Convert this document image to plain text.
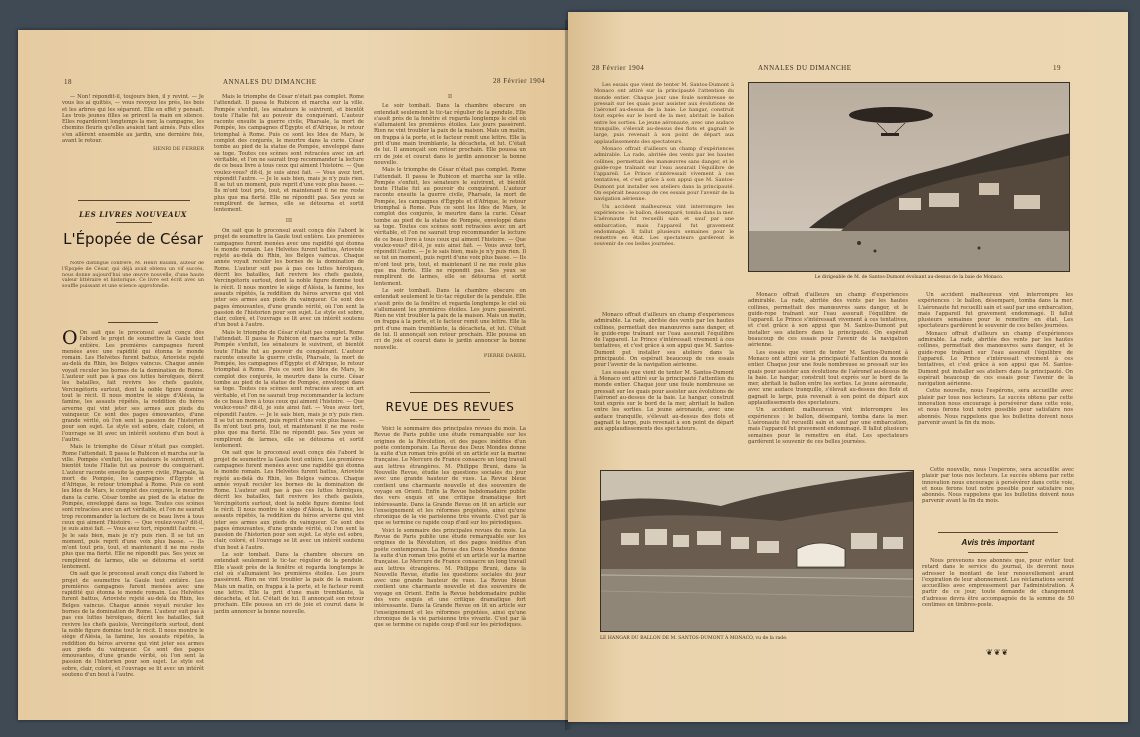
18	ANNALES DU DIMANCHE	28 Février 1904

— Non! répondit-il, toujours bien, il y revint. — Je vous les ai quittés, — vous revoyez les prés, les bois et les arbres qui les séparent. Elle en effet y pensait. Les trois jeunes filles se prirent la main en silence. Elles regardèrent longtemps la mer, la campagne, les chemins fleuris qu'elles avaient tant aimés. Puis elles s'en allèrent ensemble au jardin, une dernière fois, avant le retour.

HENRI DE FERRER
LES LIVRES NOUVEAUX
L'Épopée de César

Notre distingué confrère, M. Henri Baudin, auteur de l'Épopée de César, qui déjà avait obtenu un vif succès, nous donne aujourd'hui une œuvre nouvelle, d'une haute valeur littéraire et historique. Ce livre est écrit avec un souffle puissant et une science approfondie.

O On sait que le proconsul avait conçu dès l'abord le projet de soumettre la Gaule tout entière. Les premières campagnes furent menées avec une rapidité qui étonna le monde romain. Les Helvètes furent battus, Arioviste rejeté au-delà du Rhin, les Belges vaincus. Chaque année voyait reculer les bornes de la domination de Rome. L'auteur suit pas à pas ces luttes héroïques, décrit les batailles, fait revivre les chefs gaulois, Vercingétorix surtout, dont la noble figure domine tout le récit. Il nous montre le siège d'Alésia, la famine, les assauts répétés, la reddition du héros arverne qui vint jeter ses armes aux pieds du vainqueur. Ce sont des pages émouvantes, d'une grande vérité, où l'on sent la passion de l'historien pour son sujet. Le style est sobre, clair, coloré, et l'ouvrage se lit avec un intérêt soutenu d'un bout à l'autre.

Mais le triomphe de César n'était pas complet. Rome l'attendait. Il passa le Rubicon et marcha sur la ville. Pompée s'enfuit, les sénateurs le suivirent, et bientôt toute l'Italie fut au pouvoir du conquérant. L'auteur raconte ensuite la guerre civile, Pharsale, la mort de Pompée, les campagnes d'Égypte et d'Afrique, le retour triomphal à Rome. Puis ce sont les Ides de Mars, le complot des conjurés, le meurtre dans la curie. César tombe au pied de la statue de Pompée, enveloppé dans sa toge. Toutes ces scènes sont retracées avec un art véritable, et l'on ne saurait trop recommander la lecture de ce beau livre à tous ceux qui aiment l'histoire. — Que voulez-vous? dit-il, je suis ainsi fait. — Vous avez tort, répondit l'autre. — Je le sais bien, mais je n'y puis rien. Il se tut un moment, puis reprit d'une voix plus basse. — Ils m'ont tout pris, tout, et maintenant il ne me reste plus que ma fierté. Elle ne répondit pas. Ses yeux se remplirent de larmes, elle se détourna et sortit lentement.

On sait que le proconsul avait conçu dès l'abord le projet de soumettre la Gaule tout entière. Les premières campagnes furent menées avec une rapidité qui étonna le monde romain. Les Helvètes furent battus, Arioviste rejeté au-delà du Rhin, les Belges vaincus. Chaque année voyait reculer les bornes de la domination de Rome. L'auteur suit pas à pas ces luttes héroïques, décrit les batailles, fait revivre les chefs gaulois, Vercingétorix surtout, dont la noble figure domine tout le récit. Il nous montre le siège d'Alésia, la famine, les assauts répétés, la reddition du héros arverne qui vint jeter ses armes aux pieds du vainqueur. Ce sont des pages émouvantes, d'une grande vérité, où l'on sent la passion de l'historien pour son sujet. Le style est sobre, clair, coloré, et l'ouvrage se lit avec un intérêt soutenu d'un bout à l'autre.

Mais le triomphe de César n'était pas complet. Rome l'attendait. Il passa le Rubicon et marcha sur la ville. Pompée s'enfuit, les sénateurs le suivirent, et bientôt toute l'Italie fut au pouvoir du conquérant. L'auteur raconte ensuite la guerre civile, Pharsale, la mort de Pompée, les campagnes d'Égypte et d'Afrique, le retour triomphal à Rome. Puis ce sont les Ides de Mars, le complot des conjurés, le meurtre dans la curie. César tombe au pied de la statue de Pompée, enveloppé dans sa toge. Toutes ces scènes sont retracées avec un art véritable, et l'on ne saurait trop recommander la lecture de ce beau livre à tous ceux qui aiment l'histoire. — Que voulez-vous? dit-il, je suis ainsi fait. — Vous avez tort, répondit l'autre. — Je le sais bien, mais je n'y puis rien. Il se tut un moment, puis reprit d'une voix plus basse. — Ils m'ont tout pris, tout, et maintenant il ne me reste plus que ma fierté. Elle ne répondit pas. Ses yeux se remplirent de larmes, elle se détourna et sortit lentement.

III

On sait que le proconsul avait conçu dès l'abord le projet de soumettre la Gaule tout entière. Les premières campagnes furent menées avec une rapidité qui étonna le monde romain. Les Helvètes furent battus, Arioviste rejeté au-delà du Rhin, les Belges vaincus. Chaque année voyait reculer les bornes de la domination de Rome. L'auteur suit pas à pas ces luttes héroïques, décrit les batailles, fait revivre les chefs gaulois, Vercingétorix surtout, dont la noble figure domine tout le récit. Il nous montre le siège d'Alésia, la famine, les assauts répétés, la reddition du héros arverne qui vint jeter ses armes aux pieds du vainqueur. Ce sont des pages émouvantes, d'une grande vérité, où l'on sent la passion de l'historien pour son sujet. Le style est sobre, clair, coloré, et l'ouvrage se lit avec un intérêt soutenu d'un bout à l'autre.

Mais le triomphe de César n'était pas complet. Rome l'attendait. Il passa le Rubicon et marcha sur la ville. Pompée s'enfuit, les sénateurs le suivirent, et bientôt toute l'Italie fut au pouvoir du conquérant. L'auteur raconte ensuite la guerre civile, Pharsale, la mort de Pompée, les campagnes d'Égypte et d'Afrique, le retour triomphal à Rome. Puis ce sont les Ides de Mars, le complot des conjurés, le meurtre dans la curie. César tombe au pied de la statue de Pompée, enveloppé dans sa toge. Toutes ces scènes sont retracées avec un art véritable, et l'on ne saurait trop recommander la lecture de ce beau livre à tous ceux qui aiment l'histoire. — Que voulez-vous? dit-il, je suis ainsi fait. — Vous avez tort, répondit l'autre. — Je le sais bien, mais je n'y puis rien. Il se tut un moment, puis reprit d'une voix plus basse. — Ils m'ont tout pris, tout, et maintenant il ne me reste plus que ma fierté. Elle ne répondit pas. Ses yeux se remplirent de larmes, elle se détourna et sortit lentement.

On sait que le proconsul avait conçu dès l'abord le projet de soumettre la Gaule tout entière. Les premières campagnes furent menées avec une rapidité qui étonna le monde romain. Les Helvètes furent battus, Arioviste rejeté au-delà du Rhin, les Belges vaincus. Chaque année voyait reculer les bornes de la domination de Rome. L'auteur suit pas à pas ces luttes héroïques, décrit les batailles, fait revivre les chefs gaulois, Vercingétorix surtout, dont la noble figure domine tout le récit. Il nous montre le siège d'Alésia, la famine, les assauts répétés, la reddition du héros arverne qui vint jeter ses armes aux pieds du vainqueur. Ce sont des pages émouvantes, d'une grande vérité, où l'on sent la passion de l'historien pour son sujet. Le style est sobre, clair, coloré, et l'ouvrage se lit avec un intérêt soutenu d'un bout à l'autre.

Le soir tombait. Dans la chambre obscure on entendait seulement le tic-tac régulier de la pendule. Elle s'assit près de la fenêtre et regarda longtemps le ciel où s'allumaient les premières étoiles. Les jours passèrent. Rien ne vint troubler la paix de la maison. Mais un matin, on frappa à la porte, et le facteur remit une lettre. Elle la prit d'une main tremblante, la décacheta, et lut. C'était de lui. Il annonçait son retour prochain. Elle poussa un cri de joie et courut dans le jardin annoncer la bonne nouvelle.

II

Le soir tombait. Dans la chambre obscure on entendait seulement le tic-tac régulier de la pendule. Elle s'assit près de la fenêtre et regarda longtemps le ciel où s'allumaient les premières étoiles. Les jours passèrent. Rien ne vint troubler la paix de la maison. Mais un matin, on frappa à la porte, et le facteur remit une lettre. Elle la prit d'une main tremblante, la décacheta, et lut. C'était de lui. Il annonçait son retour prochain. Elle poussa un cri de joie et courut dans le jardin annoncer la bonne nouvelle.

Mais le triomphe de César n'était pas complet. Rome l'attendait. Il passa le Rubicon et marcha sur la ville. Pompée s'enfuit, les sénateurs le suivirent, et bientôt toute l'Italie fut au pouvoir du conquérant. L'auteur raconte ensuite la guerre civile, Pharsale, la mort de Pompée, les campagnes d'Égypte et d'Afrique, le retour triomphal à Rome. Puis ce sont les Ides de Mars, le complot des conjurés, le meurtre dans la curie. César tombe au pied de la statue de Pompée, enveloppé dans sa toge. Toutes ces scènes sont retracées avec un art véritable, et l'on ne saurait trop recommander la lecture de ce beau livre à tous ceux qui aiment l'histoire. — Que voulez-vous? dit-il, je suis ainsi fait. — Vous avez tort, répondit l'autre. — Je le sais bien, mais je n'y puis rien. Il se tut un moment, puis reprit d'une voix plus basse. — Ils m'ont tout pris, tout, et maintenant il ne me reste plus que ma fierté. Elle ne répondit pas. Ses yeux se remplirent de larmes, elle se détourna et sortit lentement.

Le soir tombait. Dans la chambre obscure on entendait seulement le tic-tac régulier de la pendule. Elle s'assit près de la fenêtre et regarda longtemps le ciel où s'allumaient les premières étoiles. Les jours passèrent. Rien ne vint troubler la paix de la maison. Mais un matin, on frappa à la porte, et le facteur remit une lettre. Elle la prit d'une main tremblante, la décacheta, et lut. C'était de lui. Il annonçait son retour prochain. Elle poussa un cri de joie et courut dans le jardin annoncer la bonne nouvelle.

PIERRE DARIEL
REVUE DES REVUES

Voici le sommaire des principales revues du mois. La Revue de Paris publie une étude remarquable sur les origines de la Révolution, et des pages inédites d'un poète contemporain. La Revue des Deux Mondes donne la suite d'un roman très goûté et un article sur la marine française. Le Mercure de France consacre un long travail aux lettres étrangères. M. Philippe Bruni, dans la Nouvelle Revue, étudie les questions sociales du jour avec une grande hauteur de vues. La Revue bleue contient une charmante nouvelle et des souvenirs de voyage en Orient. Enfin la Revue hebdomadaire publie des vers exquis et une critique dramatique fort intéressante. Dans la Grande Revue on lit un article sur l'enseignement et les réformes projetées, ainsi qu'une chronique de la vie parisienne très vivante. C'est par là que se termine ce rapide coup d'œil sur les périodiques.

Voici le sommaire des principales revues du mois. La Revue de Paris publie une étude remarquable sur les origines de la Révolution, et des pages inédites d'un poète contemporain. La Revue des Deux Mondes donne la suite d'un roman très goûté et un article sur la marine française. Le Mercure de France consacre un long travail aux lettres étrangères. M. Philippe Bruni, dans la Nouvelle Revue, étudie les questions sociales du jour avec une grande hauteur de vues. La Revue bleue contient une charmante nouvelle et des souvenirs de voyage en Orient. Enfin la Revue hebdomadaire publie des vers exquis et une critique dramatique fort intéressante. Dans la Grande Revue on lit un article sur l'enseignement et les réformes projetées, ainsi qu'une chronique de la vie parisienne très vivante. C'est par là que se termine ce rapide coup d'œil sur les périodiques.

28 Février 1904	ANNALES DU DIMANCHE	19

Les essais que vient de tenter M. Santos-Dumont à Monaco ont attiré sur la principauté l'attention du monde entier. Chaque jour une foule nombreuse se pressait sur les quais pour assister aux évolutions de l'aéronef au-dessus de la baie. Le hangar, construit tout exprès sur le bord de la mer, abritait le ballon entre les sorties. Le jeune aéronaute, avec une audace tranquille, s'élevait au-dessus des flots et gagnait le large, puis revenait à son point de départ aux applaudissements des spectateurs.

Monaco offrait d'ailleurs un champ d'expériences admirable. La rade, abritée des vents par les hautes collines, permettait des manœuvres sans danger, et le guide-rope traînant sur l'eau assurait l'équilibre de l'appareil. Le Prince s'intéressait vivement à ces tentatives, et c'est grâce à son appui que M. Santos-Dumont put installer ses ateliers dans la principauté. On espérait beaucoup de ces essais pour l'avenir de la navigation aérienne.

Un accident malheureux vint interrompre les expériences : le ballon, désemparé, tomba dans la mer. L'aéronaute fut recueilli sain et sauf par une embarcation, mais l'appareil fut gravement endommagé. Il fallut plusieurs semaines pour le remettre en état. Les spectateurs gardèrent le souvenir de ces belles journées.

Le dirigeable de M. de Santos-Dumont évoluant au-dessus de la baie de Monaco.

Monaco offrait d'ailleurs un champ d'expériences admirable. La rade, abritée des vents par les hautes collines, permettait des manœuvres sans danger, et le guide-rope traînant sur l'eau assurait l'équilibre de l'appareil. Le Prince s'intéressait vivement à ces tentatives, et c'est grâce à son appui que M. Santos-Dumont put installer ses ateliers dans la principauté. On espérait beaucoup de ces essais pour l'avenir de la navigation aérienne.

Les essais que vient de tenter M. Santos-Dumont à Monaco ont attiré sur la principauté l'attention du monde entier. Chaque jour une foule nombreuse se pressait sur les quais pour assister aux évolutions de l'aéronef au-dessus de la baie. Le hangar, construit tout exprès sur le bord de la mer, abritait le ballon entre les sorties. Le jeune aéronaute, avec une audace tranquille, s'élevait au-dessus des flots et gagnait le large, puis revenait à son point de départ aux applaudissements des spectateurs.

Monaco offrait d'ailleurs un champ d'expériences admirable. La rade, abritée des vents par les hautes collines, permettait des manœuvres sans danger, et le guide-rope traînant sur l'eau assurait l'équilibre de l'appareil. Le Prince s'intéressait vivement à ces tentatives, et c'est grâce à son appui que M. Santos-Dumont put installer ses ateliers dans la principauté. On espérait beaucoup de ces essais pour l'avenir de la navigation aérienne.

Les essais que vient de tenter M. Santos-Dumont à Monaco ont attiré sur la principauté l'attention du monde entier. Chaque jour une foule nombreuse se pressait sur les quais pour assister aux évolutions de l'aéronef au-dessus de la baie. Le hangar, construit tout exprès sur le bord de la mer, abritait le ballon entre les sorties. Le jeune aéronaute, avec une audace tranquille, s'élevait au-dessus des flots et gagnait le large, puis revenait à son point de départ aux applaudissements des spectateurs.

Un accident malheureux vint interrompre les expériences : le ballon, désemparé, tomba dans la mer. L'aéronaute fut recueilli sain et sauf par une embarcation, mais l'appareil fut gravement endommagé. Il fallut plusieurs semaines pour le remettre en état. Les spectateurs gardèrent le souvenir de ces belles journées.

Un accident malheureux vint interrompre les expériences : le ballon, désemparé, tomba dans la mer. L'aéronaute fut recueilli sain et sauf par une embarcation, mais l'appareil fut gravement endommagé. Il fallut plusieurs semaines pour le remettre en état. Les spectateurs gardèrent le souvenir de ces belles journées.

Monaco offrait d'ailleurs un champ d'expériences admirable. La rade, abritée des vents par les hautes collines, permettait des manœuvres sans danger, et le guide-rope traînant sur l'eau assurait l'équilibre de l'appareil. Le Prince s'intéressait vivement à ces tentatives, et c'est grâce à son appui que M. Santos-Dumont put installer ses ateliers dans la principauté. On espérait beaucoup de ces essais pour l'avenir de la navigation aérienne.

Cette nouvelle, nous l'espérons, sera accueillie avec plaisir par tous nos lecteurs. Le succès obtenu par cette innovation nous encourage à persévérer dans cette voie, et nous ferons tout notre possible pour satisfaire nos abonnés. Nous rappelons que les bulletins doivent nous parvenir avant la fin du mois.

LE HANGAR DU BALLON DE M. SANTOS-DUMONT À MONACO, vu de la rade.

Cette nouvelle, nous l'espérons, sera accueillie avec plaisir par tous nos lecteurs. Le succès obtenu par cette innovation nous encourage à persévérer dans cette voie, et nous ferons tout notre possible pour satisfaire nos abonnés. Nous rappelons que les bulletins doivent nous parvenir avant la fin du mois.

Avis très important

Nous prévenons nos abonnés que, pour éviter tout retard dans le service du journal, ils devront nous adresser le montant de leur renouvellement avant l'expiration de leur abonnement. Les réclamations seront accueillies avec empressement par l'administration. À partir de ce jour, toute demande de changement d'adresse devra être accompagnée de la somme de 50 centimes en timbres-poste.

❦❦❦
